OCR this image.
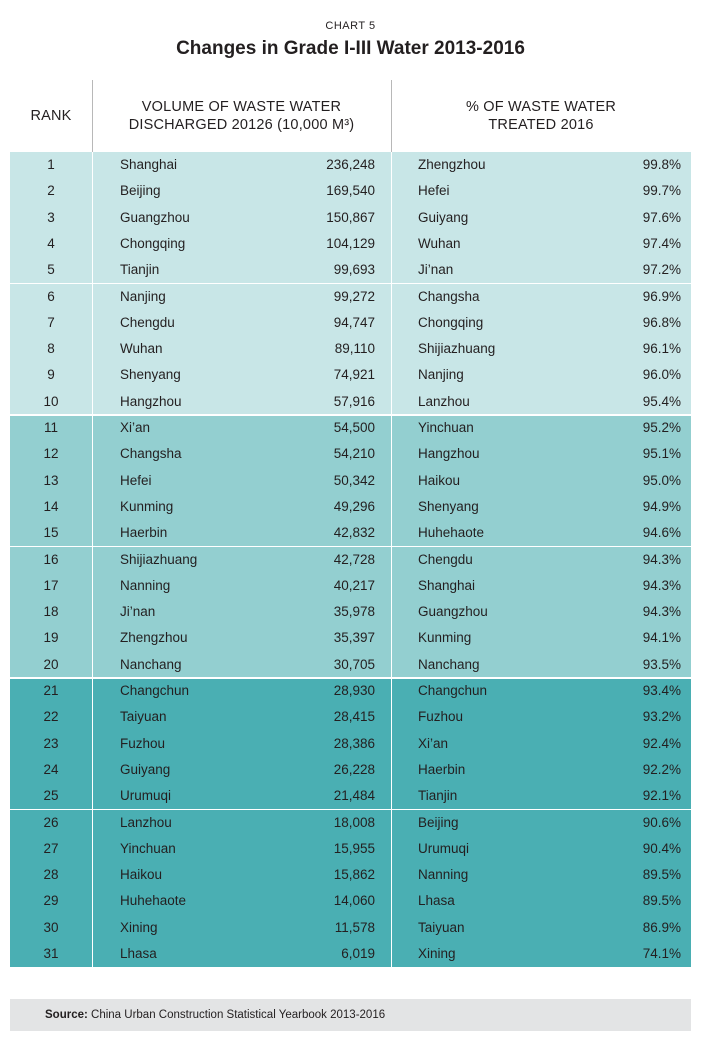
CHART 5
Changes in Grade I-III Water 2013-2016
RANK
VOLUME OF WASTE WATER
DISCHARGED 20126 (10,000 M³)
% OF WASTE WATER
TREATED 2016
1	Shanghai	236,248	Zhengzhou	99.8%
2	Beijing	169,540	Hefei	99.7%
3	Guangzhou	150,867	Guiyang	97.6%
4	Chongqing	104,129	Wuhan	97.4%
5	Tianjin	99,693	Ji’nan	97.2%
6	Nanjing	99,272	Changsha	96.9%
7	Chengdu	94,747	Chongqing	96.8%
8	Wuhan	89,110	Shijiazhuang	96.1%
9	Shenyang	74,921	Nanjing	96.0%
10	Hangzhou	57,916	Lanzhou	95.4%
11	Xi’an	54,500	Yinchuan	95.2%
12	Changsha	54,210	Hangzhou	95.1%
13	Hefei	50,342	Haikou	95.0%
14	Kunming	49,296	Shenyang	94.9%
15	Haerbin	42,832	Huhehaote	94.6%
16	Shijiazhuang	42,728	Chengdu	94.3%
17	Nanning	40,217	Shanghai	94.3%
18	Ji’nan	35,978	Guangzhou	94.3%
19	Zhengzhou	35,397	Kunming	94.1%
20	Nanchang	30,705	Nanchang	93.5%
21	Changchun	28,930	Changchun	93.4%
22	Taiyuan	28,415	Fuzhou	93.2%
23	Fuzhou	28,386	Xi’an	92.4%
24	Guiyang	26,228	Haerbin	92.2%
25	Urumuqi	21,484	Tianjin	92.1%
26	Lanzhou	18,008	Beijing	90.6%
27	Yinchuan	15,955	Urumuqi	90.4%
28	Haikou	15,862	Nanning	89.5%
29	Huhehaote	14,060	Lhasa	89.5%
30	Xining	11,578	Taiyuan	86.9%
31	Lhasa	6,019	Xining	74.1%
Source: China Urban Construction Statistical Yearbook 2013-2016
